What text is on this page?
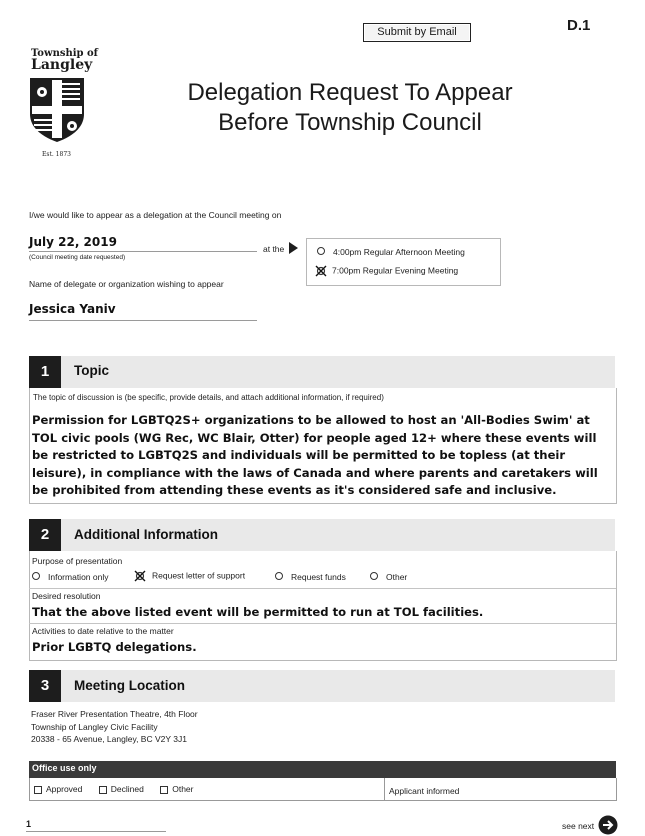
Submit by Email	D.1
Township of
Langley
Est. 1873
Delegation Request To Appear
Before Township Council
I/we would like to appear as a delegation at the Council meeting on
July 22, 2019
(Council meeting date requested)
at the	4:00pm Regular Afternoon Meeting
7:00pm Regular Evening Meeting
Name of delegate or organization wishing to appear
Jessica Yaniv
1	Topic
The topic of discussion is (be specific, provide details, and attach additional information, if required)
Permission for LGBTQ2S+ organizations to be allowed to host an 'All-Bodies Swim' at
TOL civic pools (WG Rec, WC Blair, Otter) for people aged 12+ where these events will
be restricted to LGBTQ2S and individuals will be permitted to be topless (at their
leisure), in compliance with the laws of Canada and where parents and caretakers will
be prohibited from attending these events as it's considered safe and inclusive.
2	Additional Information
Purpose of presentation
Information only	Request letter of support	Request funds	Other
Desired resolution
That the above listed event will be permitted to run at TOL facilities.
Activities to date relative to the matter
Prior LGBTQ delegations.
3	Meeting Location
Fraser River Presentation Theatre, 4th Floor
Township of Langley Civic Facility
20338 - 65 Avenue, Langley, BC V2Y 3J1
Office use only
Approved	Declined	Other	Applicant informed
1	see next
